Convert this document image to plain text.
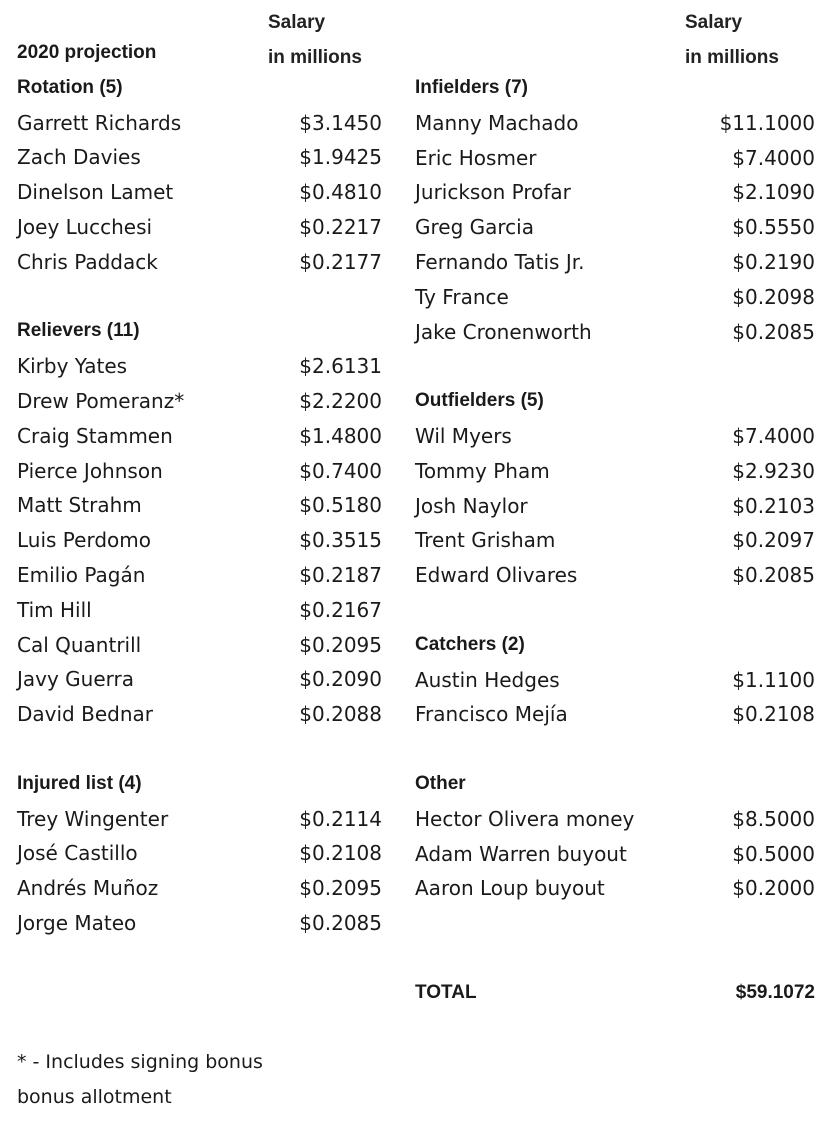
Salary
in millions
Salary
in millions
2020 projection
Rotation (5)
Garrett Richards	$3.1450
Zach Davies	$1.9425
Dinelson Lamet	$0.4810
Joey Lucchesi	$0.2217
Chris Paddack	$0.2177
Relievers (11)
Kirby Yates	$2.6131
Drew Pomeranz*	$2.2200
Craig Stammen	$1.4800
Pierce Johnson	$0.7400
Matt Strahm	$0.5180
Luis Perdomo	$0.3515
Emilio Pagán	$0.2187
Tim Hill	$0.2167
Cal Quantrill	$0.2095
Javy Guerra	$0.2090
David Bednar	$0.2088
Injured list (4)
Trey Wingenter	$0.2114
José Castillo	$0.2108
Andrés Muñoz	$0.2095
Jorge Mateo	$0.2085
* - Includes signing bonus
bonus allotment
Infielders (7)
Manny Machado	$11.1000
Eric Hosmer	$7.4000
Jurickson Profar	$2.1090
Greg Garcia	$0.5550
Fernando Tatis Jr.	$0.2190
Ty France	$0.2098
Jake Cronenworth	$0.2085
Outfielders (5)
Wil Myers	$7.4000
Tommy Pham	$2.9230
Josh Naylor	$0.2103
Trent Grisham	$0.2097
Edward Olivares	$0.2085
Catchers (2)
Austin Hedges	$1.1100
Francisco Mejía	$0.2108
Other
Hector Olivera money	$8.5000
Adam Warren buyout	$0.5000
Aaron Loup buyout	$0.2000
TOTAL	$59.1072
